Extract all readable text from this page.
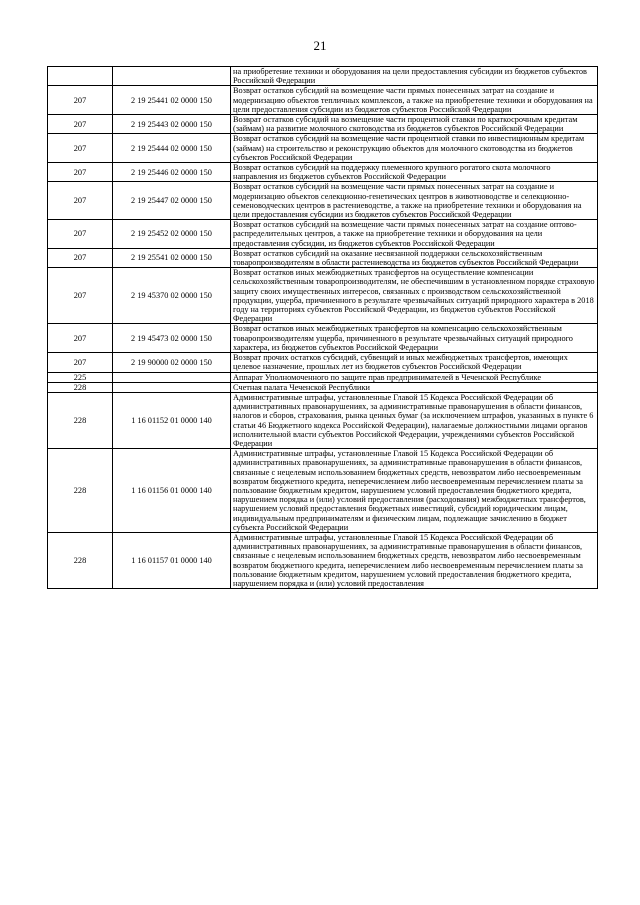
21
		на приобретение техники и оборудования на цели предоставления субсидии из бюджетов субъектов Российской Федерации
207	2 19 25441 02 0000 150	Возврат остатков субсидий на возмещение части прямых понесенных затрат на создание и модернизацию объектов тепличных комплексов, а также на приобретение техники и оборудования на цели предоставления субсидии из бюджетов субъектов Российской Федерации
207	2 19 25443 02 0000 150	Возврат остатков субсидий на возмещение части процентной ставки по краткосрочным кредитам (займам) на развитие молочного скотоводства из бюджетов субъектов Российской Федерации
207	2 19 25444 02 0000 150	Возврат остатков субсидий на возмещение части процентной ставки по инвестиционным кредитам (займам) на строительство и реконструкцию объектов для молочного скотоводства из бюджетов субъектов Российской Федерации
207	2 19 25446 02 0000 150	Возврат остатков субсидий на поддержку племенного крупного рогатого скота молочного направления из бюджетов субъектов Российской Федерации
207	2 19 25447 02 0000 150	Возврат остатков субсидий на возмещение части прямых понесенных затрат на создание и модернизацию объектов селекционно-генетических центров в животноводстве и селекционно-семеноводческих центров в растениеводстве, а также на приобретение техники и оборудования на цели предоставления субсидии из бюджетов субъектов Российской Федерации
207	2 19 25452 02 0000 150	Возврат остатков субсидий на возмещение части прямых понесенных затрат на создание оптово-распределительных центров, а также на приобретение техники и оборудования на цели предоставления субсидии, из бюджетов субъектов Российской Федерации
207	2 19 25541 02 0000 150	Возврат остатков субсидий на оказание несвязанной поддержки сельскохозяйственным товаропроизводителям в области растениеводства из бюджетов субъектов Российской Федерации
207	2 19 45370 02 0000 150	Возврат остатков иных межбюджетных трансфертов на осуществление компенсации сельскохозяйственным товаропроизводителям, не обеспечившим в установленном порядке страховую защиту своих имущественных интересов, связанных с производством сельскохозяйственной продукции, ущерба, причиненного в результате чрезвычайных ситуаций природного характера в 2018 году на территориях субъектов Российской Федерации, из бюджетов субъектов Российской Федерации
207	2 19 45473 02 0000 150	Возврат остатков иных межбюджетных трансфертов на компенсацию сельскохозяйственным товаропроизводителям ущерба, причиненного в результате чрезвычайных ситуаций природного характера, из бюджетов субъектов Российской Федерации
207	2 19 90000 02 0000 150	Возврат прочих остатков субсидий, субвенций и иных межбюджетных трансфертов, имеющих целевое назначение, прошлых лет из бюджетов субъектов Российской Федерации
225		Аппарат Уполномоченного по защите прав предпринимателей в Чеченской Республике
228		Счетная палата Чеченской Республики
228	1 16 01152 01 0000 140	Административные штрафы, установленные Главой 15 Кодекса Российской Федерации об административных правонарушениях, за административные правонарушения в области финансов, налогов и сборов, страхования, рынка ценных бумаг (за исключением штрафов, указанных в пункте 6 статьи 46 Бюджетного кодекса Российской Федерации), налагаемые должностными лицами органов исполнительной власти субъектов Российской Федерации, учреждениями субъектов Российской Федерации
228	1 16 01156 01 0000 140	Административные штрафы, установленные Главой 15 Кодекса Российской Федерации об административных правонарушениях, за административные правонарушения в области финансов, связанные с нецелевым использованием бюджетных средств, невозвратом либо несвоевременным возвратом бюджетного кредита, неперечислением либо несвоевременным перечислением платы за пользование бюджетным кредитом, нарушением условий предоставления бюджетного кредита, нарушением порядка и (или) условий предоставления (расходования) межбюджетных трансфертов, нарушением условий предоставления бюджетных инвестиций, субсидий юридическим лицам, индивидуальным предпринимателям и физическим лицам, подлежащие зачислению в бюджет субъекта Российской Федерации
228	1 16 01157 01 0000 140	Административные штрафы, установленные Главой 15 Кодекса Российской Федерации об административных правонарушениях, за административные правонарушения в области финансов, связанные с нецелевым использованием бюджетных средств, невозвратом либо несвоевременным возвратом бюджетного кредита, неперечислением либо несвоевременным перечислением платы за пользование бюджетным кредитом, нарушением условий предоставления бюджетного кредита, нарушением порядка и (или) условий предоставления
